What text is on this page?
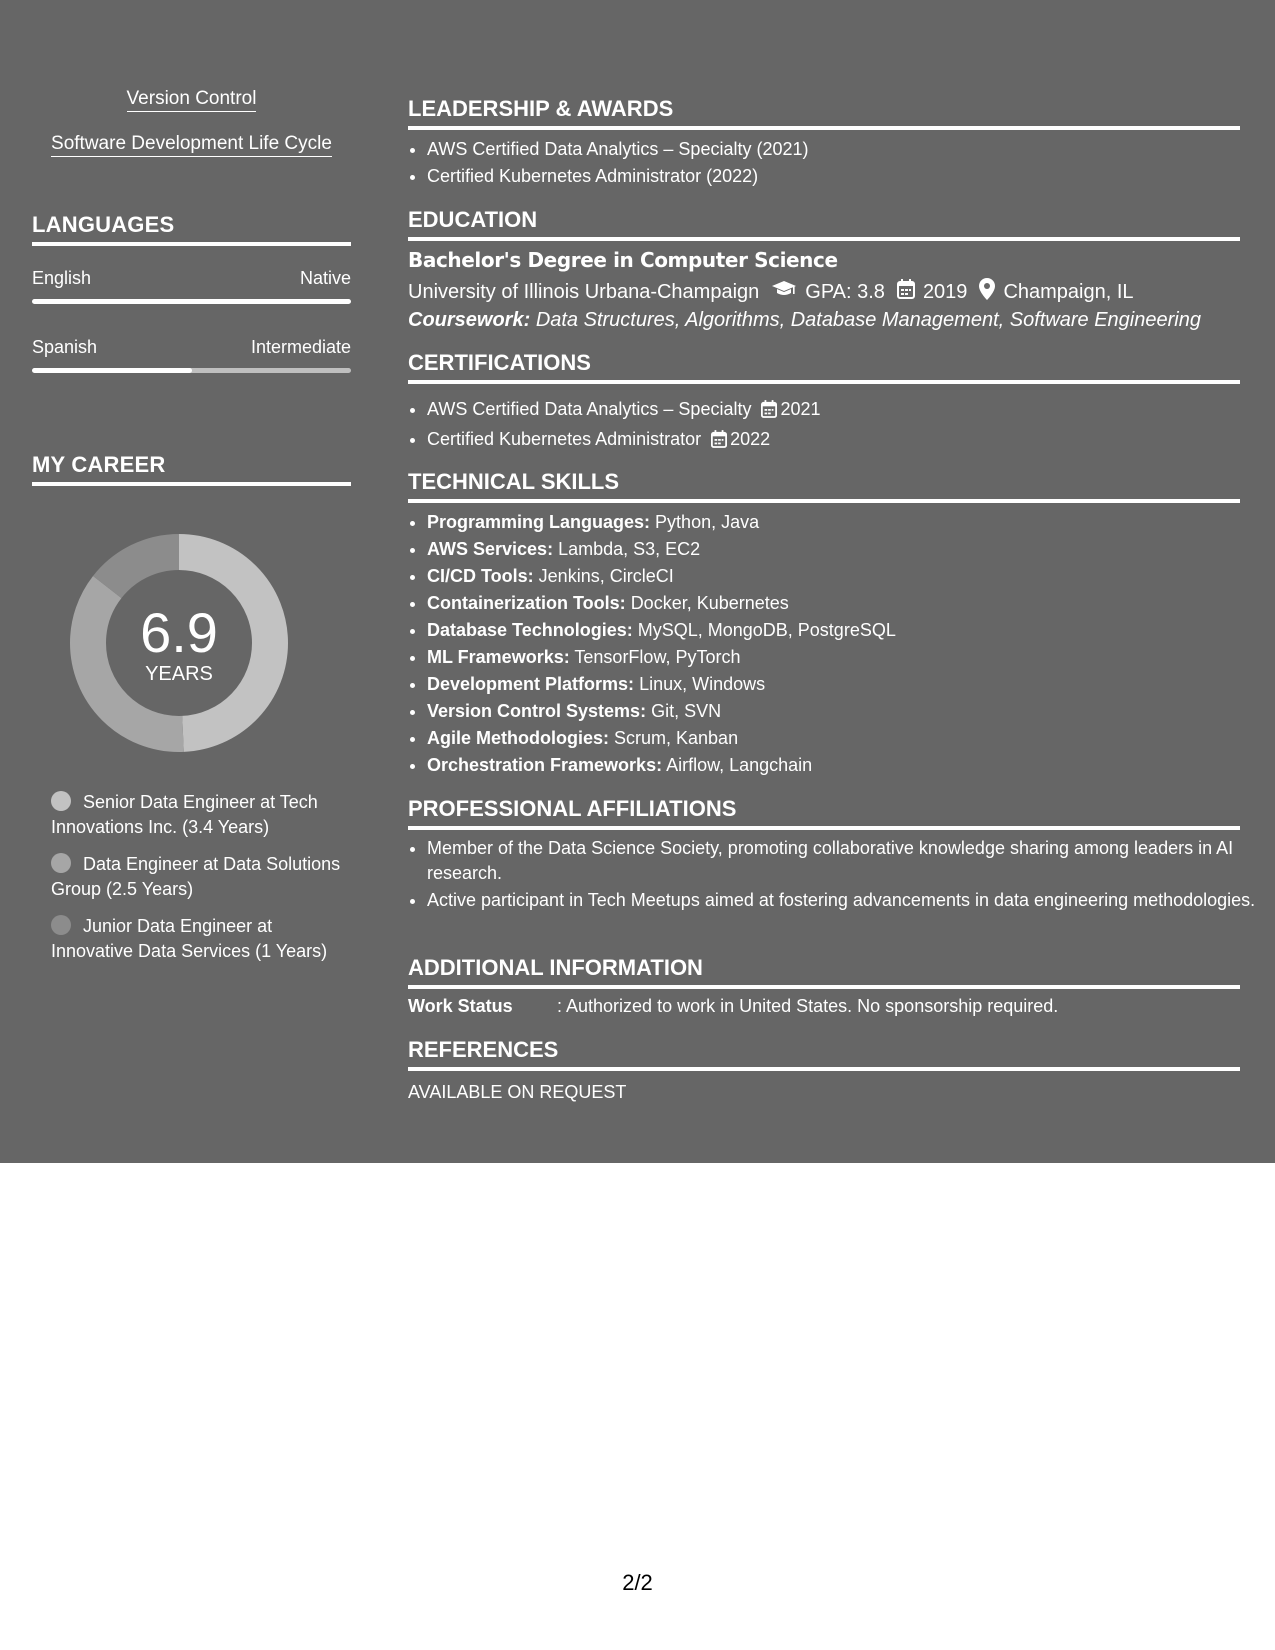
Version Control
Software Development Life Cycle
LANGUAGES
English	Native
Spanish	Intermediate
MY CAREER
6.9
YEARS
Senior Data Engineer at Tech Innovations Inc. (3.4 Years)
Data Engineer at Data Solutions Group (2.5 Years)
Junior Data Engineer at Innovative Data Services (1 Years)
LEADERSHIP & AWARDS
• AWS Certified Data Analytics – Specialty (2021)
• Certified Kubernetes Administrator (2022)
EDUCATION
Bachelor's Degree in Computer Science
University of Illinois Urbana-Champaign GPA: 3.8 2019 Champaign, IL
Coursework: Data Structures, Algorithms, Database Management, Software Engineering
CERTIFICATIONS
• AWS Certified Data Analytics – Specialty 2021
• Certified Kubernetes Administrator 2022
TECHNICAL SKILLS
• Programming Languages: Python, Java
• AWS Services: Lambda, S3, EC2
• CI/CD Tools: Jenkins, CircleCI
• Containerization Tools: Docker, Kubernetes
• Database Technologies: MySQL, MongoDB, PostgreSQL
• ML Frameworks: TensorFlow, PyTorch
• Development Platforms: Linux, Windows
• Version Control Systems: Git, SVN
• Agile Methodologies: Scrum, Kanban
• Orchestration Frameworks: Airflow, Langchain
PROFESSIONAL AFFILIATIONS
• Member of the Data Science Society, promoting collaborative knowledge sharing among leaders in AI research.
• Active participant in Tech Meetups aimed at fostering advancements in data engineering methodologies.
ADDITIONAL INFORMATION
Work Status : Authorized to work in United States. No sponsorship required.
REFERENCES
AVAILABLE ON REQUEST
2/2
